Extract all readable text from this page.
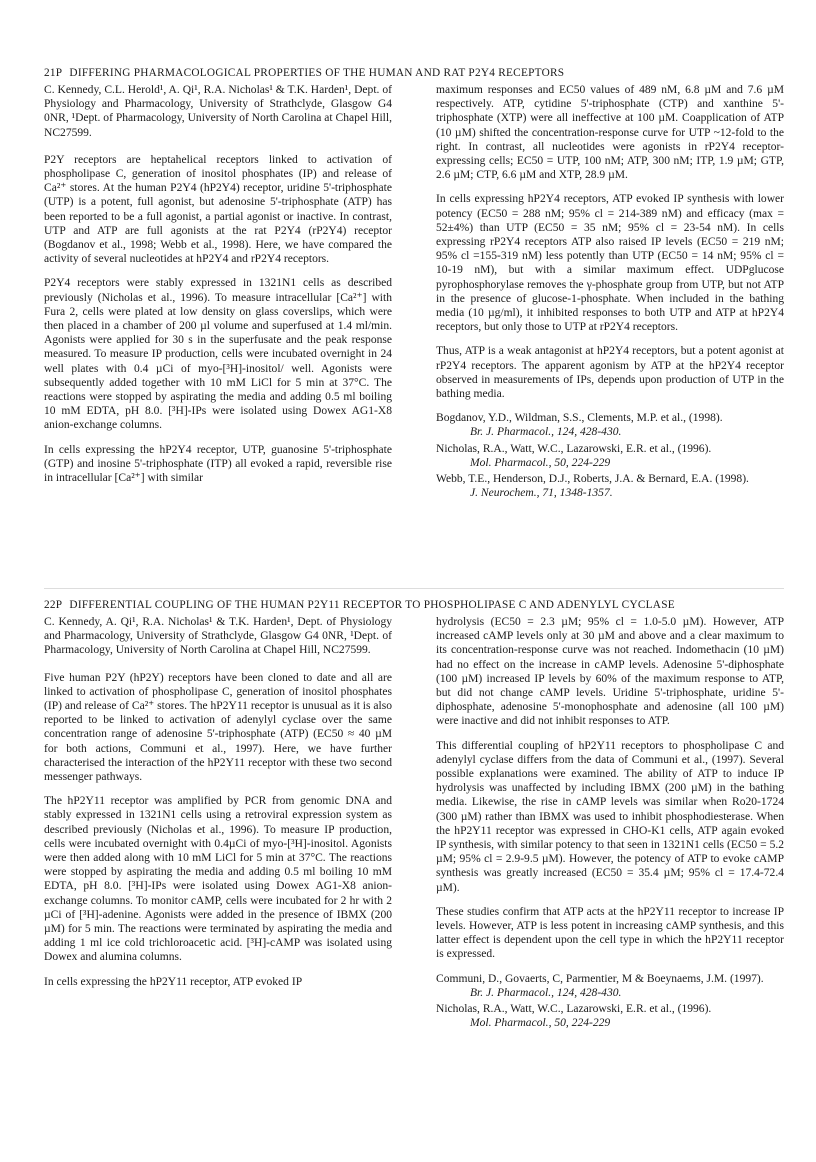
21P DIFFERING PHARMACOLOGICAL PROPERTIES OF THE HUMAN AND RAT P2Y4 RECEPTORS

C. Kennedy, C.L. Herold¹, A. Qi¹, R.A. Nicholas¹ & T.K. Harden¹, Dept. of Physiology and Pharmacology, University of Strathclyde, Glasgow G4 0NR, ¹Dept. of Pharmacology, University of North Carolina at Chapel Hill, NC27599.

P2Y receptors are heptahelical receptors linked to activation of phospholipase C, generation of inositol phosphates (IP) and release of Ca²⁺ stores. At the human P2Y4 (hP2Y4) receptor, uridine 5'-triphosphate (UTP) is a potent, full agonist, but adenosine 5'-triphosphate (ATP) has been reported to be a full agonist, a partial agonist or inactive. In contrast, UTP and ATP are full agonists at the rat P2Y4 (rP2Y4) receptor (Bogdanov et al., 1998; Webb et al., 1998). Here, we have compared the activity of several nucleotides at hP2Y4 and rP2Y4 receptors.

P2Y4 receptors were stably expressed in 1321N1 cells as described previously (Nicholas et al., 1996). To measure intracellular [Ca²⁺] with Fura 2, cells were plated at low density on glass coverslips, which were then placed in a chamber of 200 µl volume and superfused at 1.4 ml/min. Agonists were applied for 30 s in the superfusate and the peak response measured. To measure IP production, cells were incubated overnight in 24 well plates with 0.4 µCi of myo-[³H]-inositol/ well. Agonists were subsequently added together with 10 mM LiCl for 5 min at 37°C. The reactions were stopped by aspirating the media and adding 0.5 ml boiling 10 mM EDTA, pH 8.0. [³H]-IPs were isolated using Dowex AG1-X8 anion-exchange columns.

In cells expressing the hP2Y4 receptor, UTP, guanosine 5'-triphosphate (GTP) and inosine 5'-triphosphate (ITP) all evoked a rapid, reversible rise in intracellular [Ca²⁺] with similar

maximum responses and EC50 values of 489 nM, 6.8 µM and 7.6 µM respectively. ATP, cytidine 5'-triphosphate (CTP) and xanthine 5'-triphosphate (XTP) were all ineffective at 100 µM. Coapplication of ATP (10 µM) shifted the concentration-response curve for UTP ~12-fold to the right. In contrast, all nucleotides were agonists in rP2Y4 receptor-expressing cells; EC50 = UTP, 100 nM; ATP, 300 nM; ITP, 1.9 µM; GTP, 2.6 µM; CTP, 6.6 µM and XTP, 28.9 µM.

In cells expressing hP2Y4 receptors, ATP evoked IP synthesis with lower potency (EC50 = 288 nM; 95% cl = 214-389 nM) and efficacy (max = 52±4%) than UTP (EC50 = 35 nM; 95% cl = 23-54 nM). In cells expressing rP2Y4 receptors ATP also raised IP levels (EC50 = 219 nM; 95% cl =155-319 nM) less potently than UTP (EC50 = 14 nM; 95% cl = 10-19 nM), but with a similar maximum effect. UDPglucose pyrophosphorylase removes the γ-phosphate group from UTP, but not ATP in the presence of glucose-1-phosphate. When included in the bathing media (10 µg/ml), it inhibited responses to both UTP and ATP at hP2Y4 receptors, but only those to UTP at rP2Y4 receptors.

Thus, ATP is a weak antagonist at hP2Y4 receptors, but a potent agonist at rP2Y4 receptors. The apparent agonism by ATP at the hP2Y4 receptor observed in measurements of IPs, depends upon production of UTP in the bathing media.

Bogdanov, Y.D., Wildman, S.S., Clements, M.P. et al., (1998).
Br. J. Pharmacol., 124, 428-430.
Nicholas, R.A., Watt, W.C., Lazarowski, E.R. et al., (1996).
Mol. Pharmacol., 50, 224-229
Webb, T.E., Henderson, D.J., Roberts, J.A. & Bernard, E.A. (1998).
J. Neurochem., 71, 1348-1357.
22P DIFFERENTIAL COUPLING OF THE HUMAN P2Y11 RECEPTOR TO PHOSPHOLIPASE C AND ADENYLYL CYCLASE

C. Kennedy, A. Qi¹, R.A. Nicholas¹ & T.K. Harden¹, Dept. of Physiology and Pharmacology, University of Strathclyde, Glasgow G4 0NR, ¹Dept. of Pharmacology, University of North Carolina at Chapel Hill, NC27599.

Five human P2Y (hP2Y) receptors have been cloned to date and all are linked to activation of phospholipase C, generation of inositol phosphates (IP) and release of Ca²⁺ stores. The hP2Y11 receptor is unusual as it is also reported to be linked to activation of adenylyl cyclase over the same concentration range of adenosine 5'-triphosphate (ATP) (EC50 ≈ 40 µM for both actions, Communi et al., 1997). Here, we have further characterised the interaction of the hP2Y11 receptor with these two second messenger pathways.

The hP2Y11 receptor was amplified by PCR from genomic DNA and stably expressed in 1321N1 cells using a retroviral expression system as described previously (Nicholas et al., 1996). To measure IP production, cells were incubated overnight with 0.4µCi of myo-[³H]-inositol. Agonists were then added along with 10 mM LiCl for 5 min at 37°C. The reactions were stopped by aspirating the media and adding 0.5 ml boiling 10 mM EDTA, pH 8.0. [³H]-IPs were isolated using Dowex AG1-X8 anion-exchange columns. To monitor cAMP, cells were incubated for 2 hr with 2 µCi of [³H]-adenine. Agonists were added in the presence of IBMX (200 µM) for 5 min. The reactions were terminated by aspirating the media and adding 1 ml ice cold trichloroacetic acid. [³H]-cAMP was isolated using Dowex and alumina columns.

In cells expressing the hP2Y11 receptor, ATP evoked IP

hydrolysis (EC50 = 2.3 µM; 95% cl = 1.0-5.0 µM). However, ATP increased cAMP levels only at 30 µM and above and a clear maximum to its concentration-response curve was not reached. Indomethacin (10 µM) had no effect on the increase in cAMP levels. Adenosine 5'-diphosphate (100 µM) increased IP levels by 60% of the maximum response to ATP, but did not change cAMP levels. Uridine 5'-triphosphate, uridine 5'-diphosphate, adenosine 5'-monophosphate and adenosine (all 100 µM) were inactive and did not inhibit responses to ATP.

This differential coupling of hP2Y11 receptors to phospholipase C and adenylyl cyclase differs from the data of Communi et al., (1997). Several possible explanations were examined. The ability of ATP to induce IP hydrolysis was unaffected by including IBMX (200 µM) in the bathing media. Likewise, the rise in cAMP levels was similar when Ro20-1724 (300 µM) rather than IBMX was used to inhibit phosphodiesterase. When the hP2Y11 receptor was expressed in CHO-K1 cells, ATP again evoked IP synthesis, with similar potency to that seen in 1321N1 cells (EC50 = 5.2 µM; 95% cl = 2.9-9.5 µM). However, the potency of ATP to evoke cAMP synthesis was greatly increased (EC50 = 35.4 µM; 95% cl = 17.4-72.4 µM).

These studies confirm that ATP acts at the hP2Y11 receptor to increase IP levels. However, ATP is less potent in increasing cAMP synthesis, and this latter effect is dependent upon the cell type in which the hP2Y11 receptor is expressed.

Communi, D., Govaerts, C, Parmentier, M & Boeynaems, J.M. (1997).
Br. J. Pharmacol., 124, 428-430.
Nicholas, R.A., Watt, W.C., Lazarowski, E.R. et al., (1996).
Mol. Pharmacol., 50, 224-229
